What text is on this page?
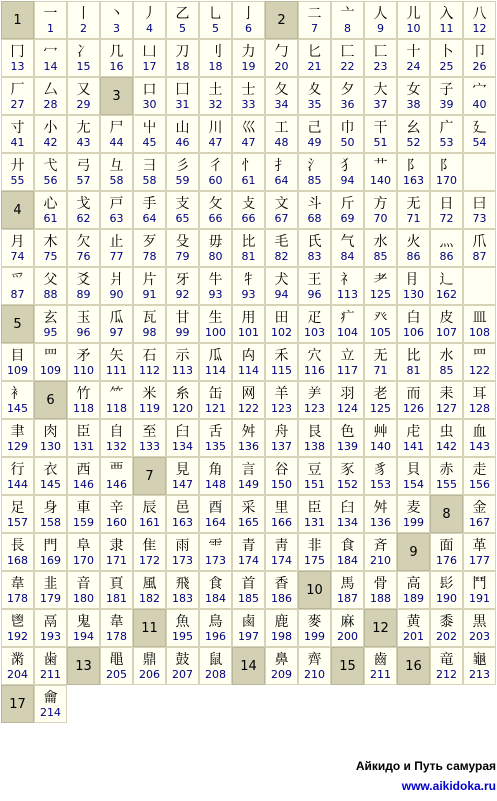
1 一
1
丨
2
丶
3
丿
4
乙
5
乚
5
亅
6
2 二
7
亠
8
人
9
儿
10
入
11
八
12
冂
13
冖
14
冫
15
几
16
凵
17
刀
18
刂
18
力
19
勹
20
匕
21
匚
22
匸
23
十
24
卜
25
卩
26
厂
27
厶
28
又
29
3 口
30
囗
31
土
32
士
33
夂
34
夊
35
夕
36
大
37
女
38
子
39
宀
40
寸
41
小
42
尢
43
尸
44
屮
45
山
46
川
47
巛
47
工
48
己
49
巾
50
干
51
幺
52
广
53
廴
54
廾
55
弋
56
弓
57
彑
58
彐
58
彡
59
彳
60
忄
61
扌
64
氵
85
犭
94
艹
140
阝
163
阝
170
4 心
61
戈
62
戸
63
手
64
支
65
攵
66
攴
66
文
67
斗
68
斤
69
方
70
无
71
日
72
曰
73
月
74
木
75
欠
76
止
77
歹
78
殳
79
毋
80
比
81
毛
82
氏
83
气
84
水
85
火
86
灬
86
爪
87
爫
87
父
88
爻
89
爿
90
片
91
牙
92
牛
93
牜
93
犬
94
王
96
礻
113
耂
125
⺝
130
辶
162
5 玄
95
玉
96
瓜
97
瓦
98
甘
99
生
100
用
101
田
102
疋
103
疒
104
癶
105
白
106
皮
107
皿
108
目
109
罒
109
矛
110
矢
111
石
112
示
113
瓜
114
禸
114
禾
115
穴
116
立
117
无
71
比
81
水
85
罒
122
衤
145
6 竹
118
⺮
118
米
119
糸
120
缶
121
网
122
羊
123
⺶
123
羽
124
老
125
而
126
耒
127
耳
128
聿
129
肉
130
臣
131
自
132
至
133
臼
134
舌
135
舛
136
舟
137
艮
138
色
139
艸
140
虍
141
虫
142
血
143
行
144
衣
145
西
146
覀
146
7 見
147
角
148
言
149
谷
150
豆
151
豕
152
豸
153
貝
154
赤
155
走
156
足
157
身
158
車
159
辛
160
辰
161
邑
163
酉
164
采
165
里
166
臣
131
臼
134
舛
136
麦
199
8 金
167
長
168
門
169
阜
170
隶
171
隹
172
雨
173
⻗
173
青
174
靑
174
非
175
食
184
斉
210
9 面
176
革
177
韋
178
韭
179
音
180
頁
181
風
182
飛
183
食
184
首
185
香
186
10 馬
187
骨
188
高
189
髟
190
鬥
191
鬯
192
鬲
193
鬼
194
韋
178
11 魚
195
鳥
196
鹵
197
鹿
198
麥
199
麻
200
12 黄
201
黍
202
黒
203
黹
204
歯
211
13 黽
205
鼎
206
鼓
207
鼠
208
14 鼻
209
齊
210
15 齒
211
16 竜
212
龜
213
17 龠
214
Айкидо и Путь самурая
www.aikidoka.ru
